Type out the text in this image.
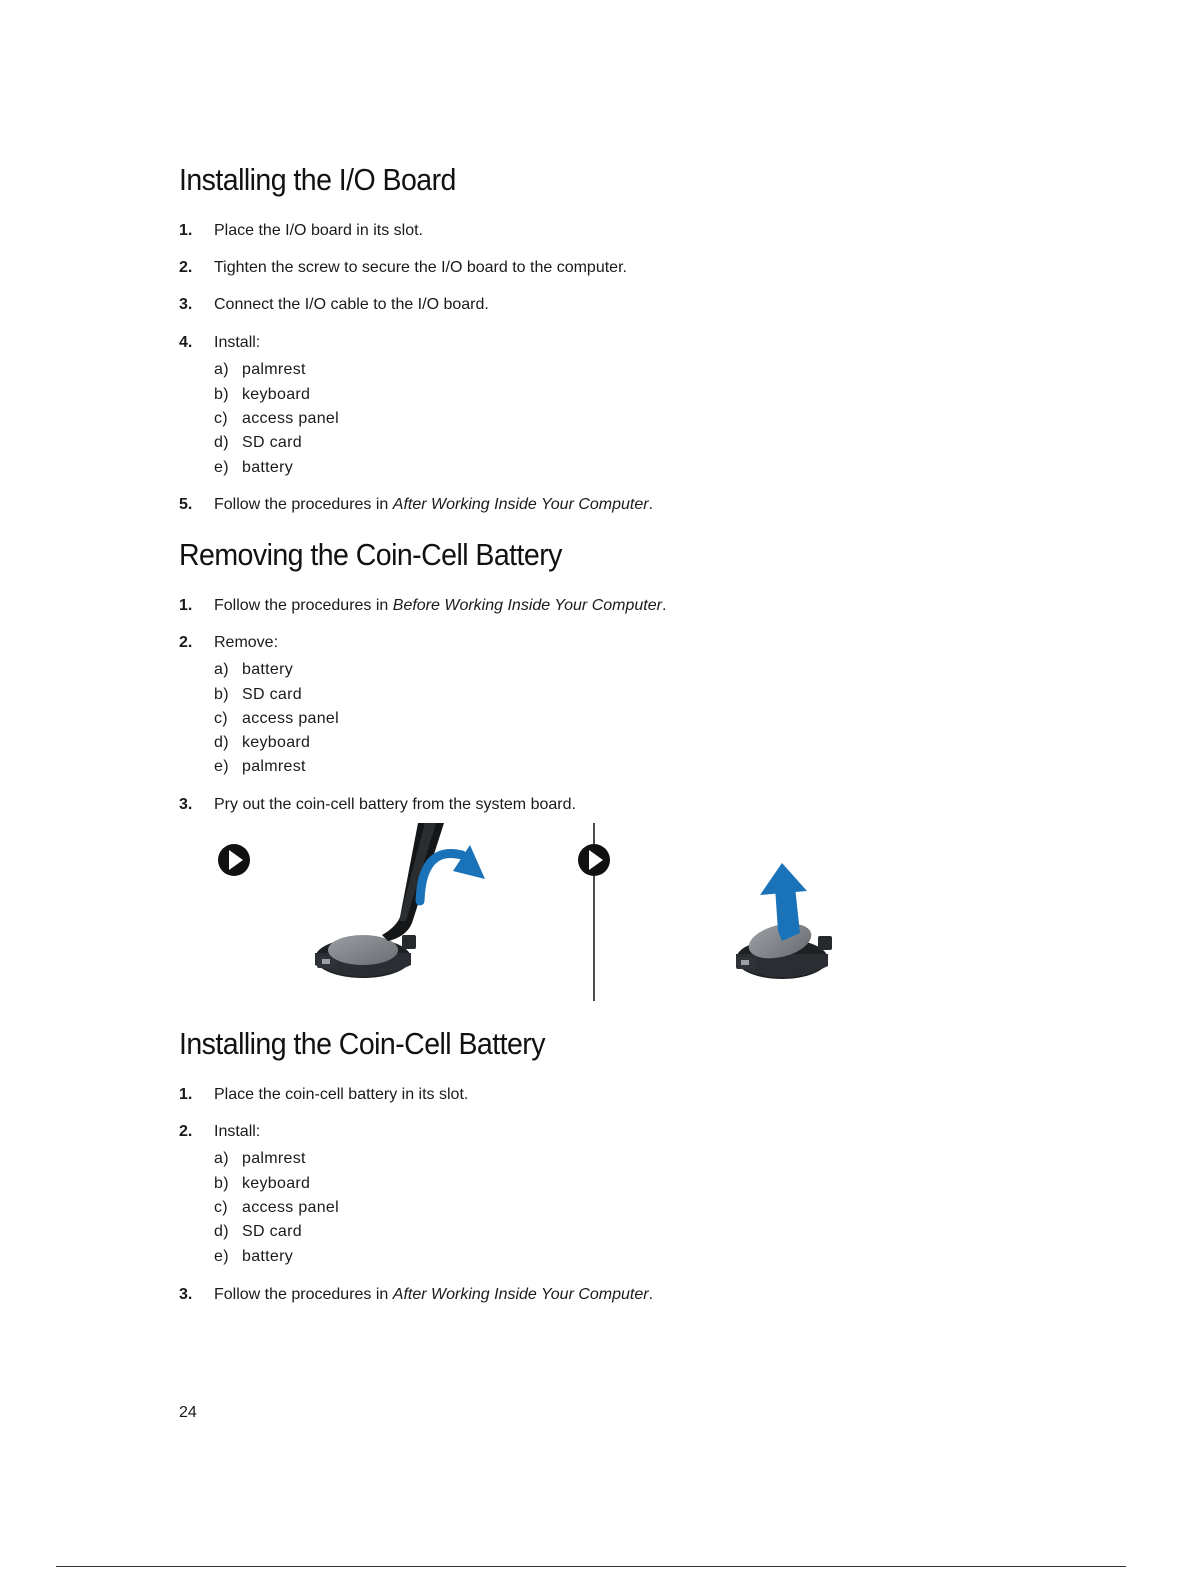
Installing the I/O Board
1. Place the I/O board in its slot.
2. Tighten the screw to secure the I/O board to the computer.
3. Connect the I/O cable to the I/O board.
4. Install:
a) palmrest
b) keyboard
c) access panel
d) SD card
e) battery
5. Follow the procedures in After Working Inside Your Computer.
Removing the Coin-Cell Battery
1. Follow the procedures in Before Working Inside Your Computer.
2. Remove:
a) battery
b) SD card
c) access panel
d) keyboard
e) palmrest
3. Pry out the coin-cell battery from the system board.
Installing the Coin-Cell Battery
1. Place the coin-cell battery in its slot.
2. Install:
a) palmrest
b) keyboard
c) access panel
d) SD card
e) battery
3. Follow the procedures in After Working Inside Your Computer.
24
